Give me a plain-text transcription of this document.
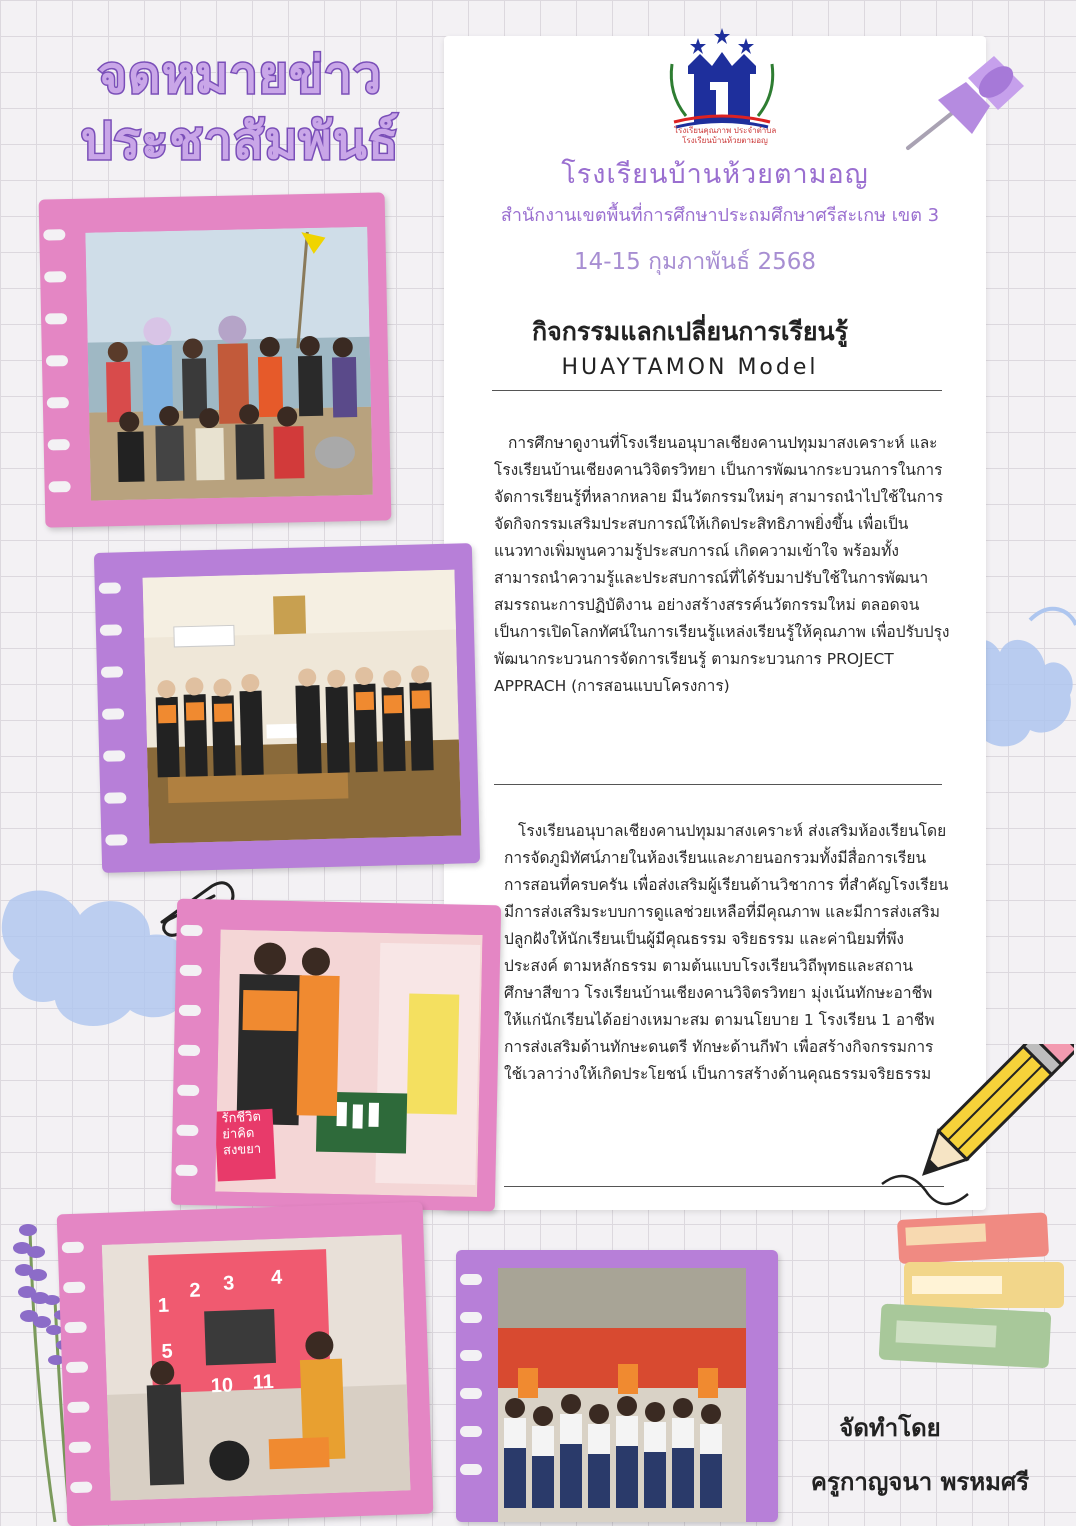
จดหมายข่าว
ประชาสัมพันธ์	โรงเรียนคุณภาพ ประจำตำบล
โรงเรียนบ้านห้วยตามอญ
โรงเรียนบ้านห้วยตามอญ
สำนักงานเขตพื้นที่การศึกษาประถมศึกษาศรีสะเกษ เขต 3
14-15 กุมภาพันธ์ 2568
กิจกรรมแลกเปลี่ยนการเรียนรู้
HUAYTAMON Model
การศึกษาดูงานที่โรงเรียนอนุบาลเชียงคานปทุมมาสงเคราะห์ และโรงเรียนบ้านเชียงคานวิจิตรวิทยา เป็นการพัฒนากระบวนการในการจัดการเรียนรู้ที่หลากหลาย มีนวัตกรรมใหม่ๆ สามารถนำไปใช้ในการจัดกิจกรรมเสริมประสบการณ์ให้เกิดประสิทธิภาพยิ่งขึ้น เพื่อเป็นแนวทางเพิ่มพูนความรู้ประสบการณ์ เกิดความเข้าใจ พร้อมทั้งสามารถนำความรู้และประสบการณ์ที่ได้รับมาปรับใช้ในการพัฒนาสมรรถนะการปฏิบัติงาน อย่างสร้างสรรค์นวัตกรรมใหม่ ตลอดจนเป็นการเปิดโลกทัศน์ในการเรียนรู้แหล่งเรียนรู้ให้คุณภาพ เพื่อปรับปรุงพัฒนากระบวนการจัดการเรียนรู้ ตามกระบวนการ PROJECT APPRACH (การสอนแบบโครงการ)
โรงเรียนอนุบาลเชียงคานปทุมมาสงเคราะห์ ส่งเสริมห้องเรียนโดยการจัดภูมิทัศน์ภายในห้องเรียนและภายนอกรวมทั้งมีสื่อการเรียนการสอนที่ครบครัน เพื่อส่งเสริมผู้เรียนด้านวิชาการ ที่สำคัญโรงเรียนมีการส่งเสริมระบบการดูแลช่วยเหลือที่มีคุณภาพ และมีการส่งเสริมปลูกฝังให้นักเรียนเป็นผู้มีคุณธรรม จริยธรรม และค่านิยมที่พึงประสงค์ ตามหลักธรรม ตามต้นแบบโรงเรียนวิถีพุทธและสถานศึกษาสีขาว โรงเรียนบ้านเชียงคานวิจิตรวิทยา มุ่งเน้นทักษะอาชีพให้แก่นักเรียนได้อย่างเหมาะสม ตามนโยบาย 1 โรงเรียน 1 อาชีพ การส่งเสริมด้านทักษะดนตรี ทักษะด้านกีฬา เพื่อสร้างกิจกรรมการใช้เวลาว่างให้เกิดประโยชน์ เป็นการสร้างด้านคุณธรรมจริยธรรม
รักชีวิต
ย่าคิด
สงขยา
1
2 3 4
5
10 11
จัดทำโดย
ครูกาญจนา พรหมศรี
